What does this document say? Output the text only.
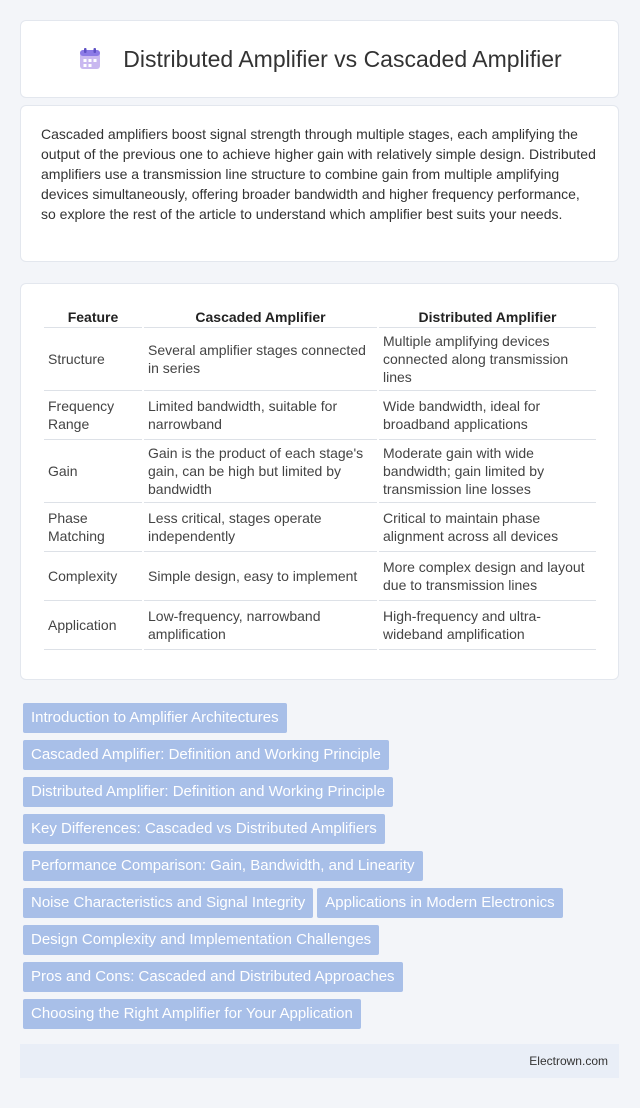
Distributed Amplifier vs Cascaded Amplifier

Cascaded amplifiers boost signal strength through multiple stages, each amplifying the output of the previous one to achieve higher gain with relatively simple design. Distributed amplifiers use a transmission line structure to combine gain from multiple amplifying devices simultaneously, offering broader bandwidth and higher frequency performance, so explore the rest of the article to understand which amplifier best suits your needs.

Feature	Cascaded Amplifier	Distributed Amplifier
Structure	Several amplifier stages connected in series	Multiple amplifying devices connected along transmission lines
Frequency Range	Limited bandwidth, suitable for narrowband	Wide bandwidth, ideal for broadband applications
Gain	Gain is the product of each stage's gain, can be high but limited by bandwidth	Moderate gain with wide bandwidth; gain limited by transmission line losses
Phase Matching	Less critical, stages operate independently	Critical to maintain phase alignment across all devices
Complexity	Simple design, easy to implement	More complex design and layout due to transmission lines
Application	Low-frequency, narrowband amplification	High-frequency and ultra-wideband amplification
Introduction to Amplifier Architectures
Cascaded Amplifier: Definition and Working Principle
Distributed Amplifier: Definition and Working Principle
Key Differences: Cascaded vs Distributed Amplifiers
Performance Comparison: Gain, Bandwidth, and Linearity
Noise Characteristics and Signal Integrity Applications in Modern Electronics
Design Complexity and Implementation Challenges
Pros and Cons: Cascaded and Distributed Approaches
Choosing the Right Amplifier for Your Application
Electrown.com
